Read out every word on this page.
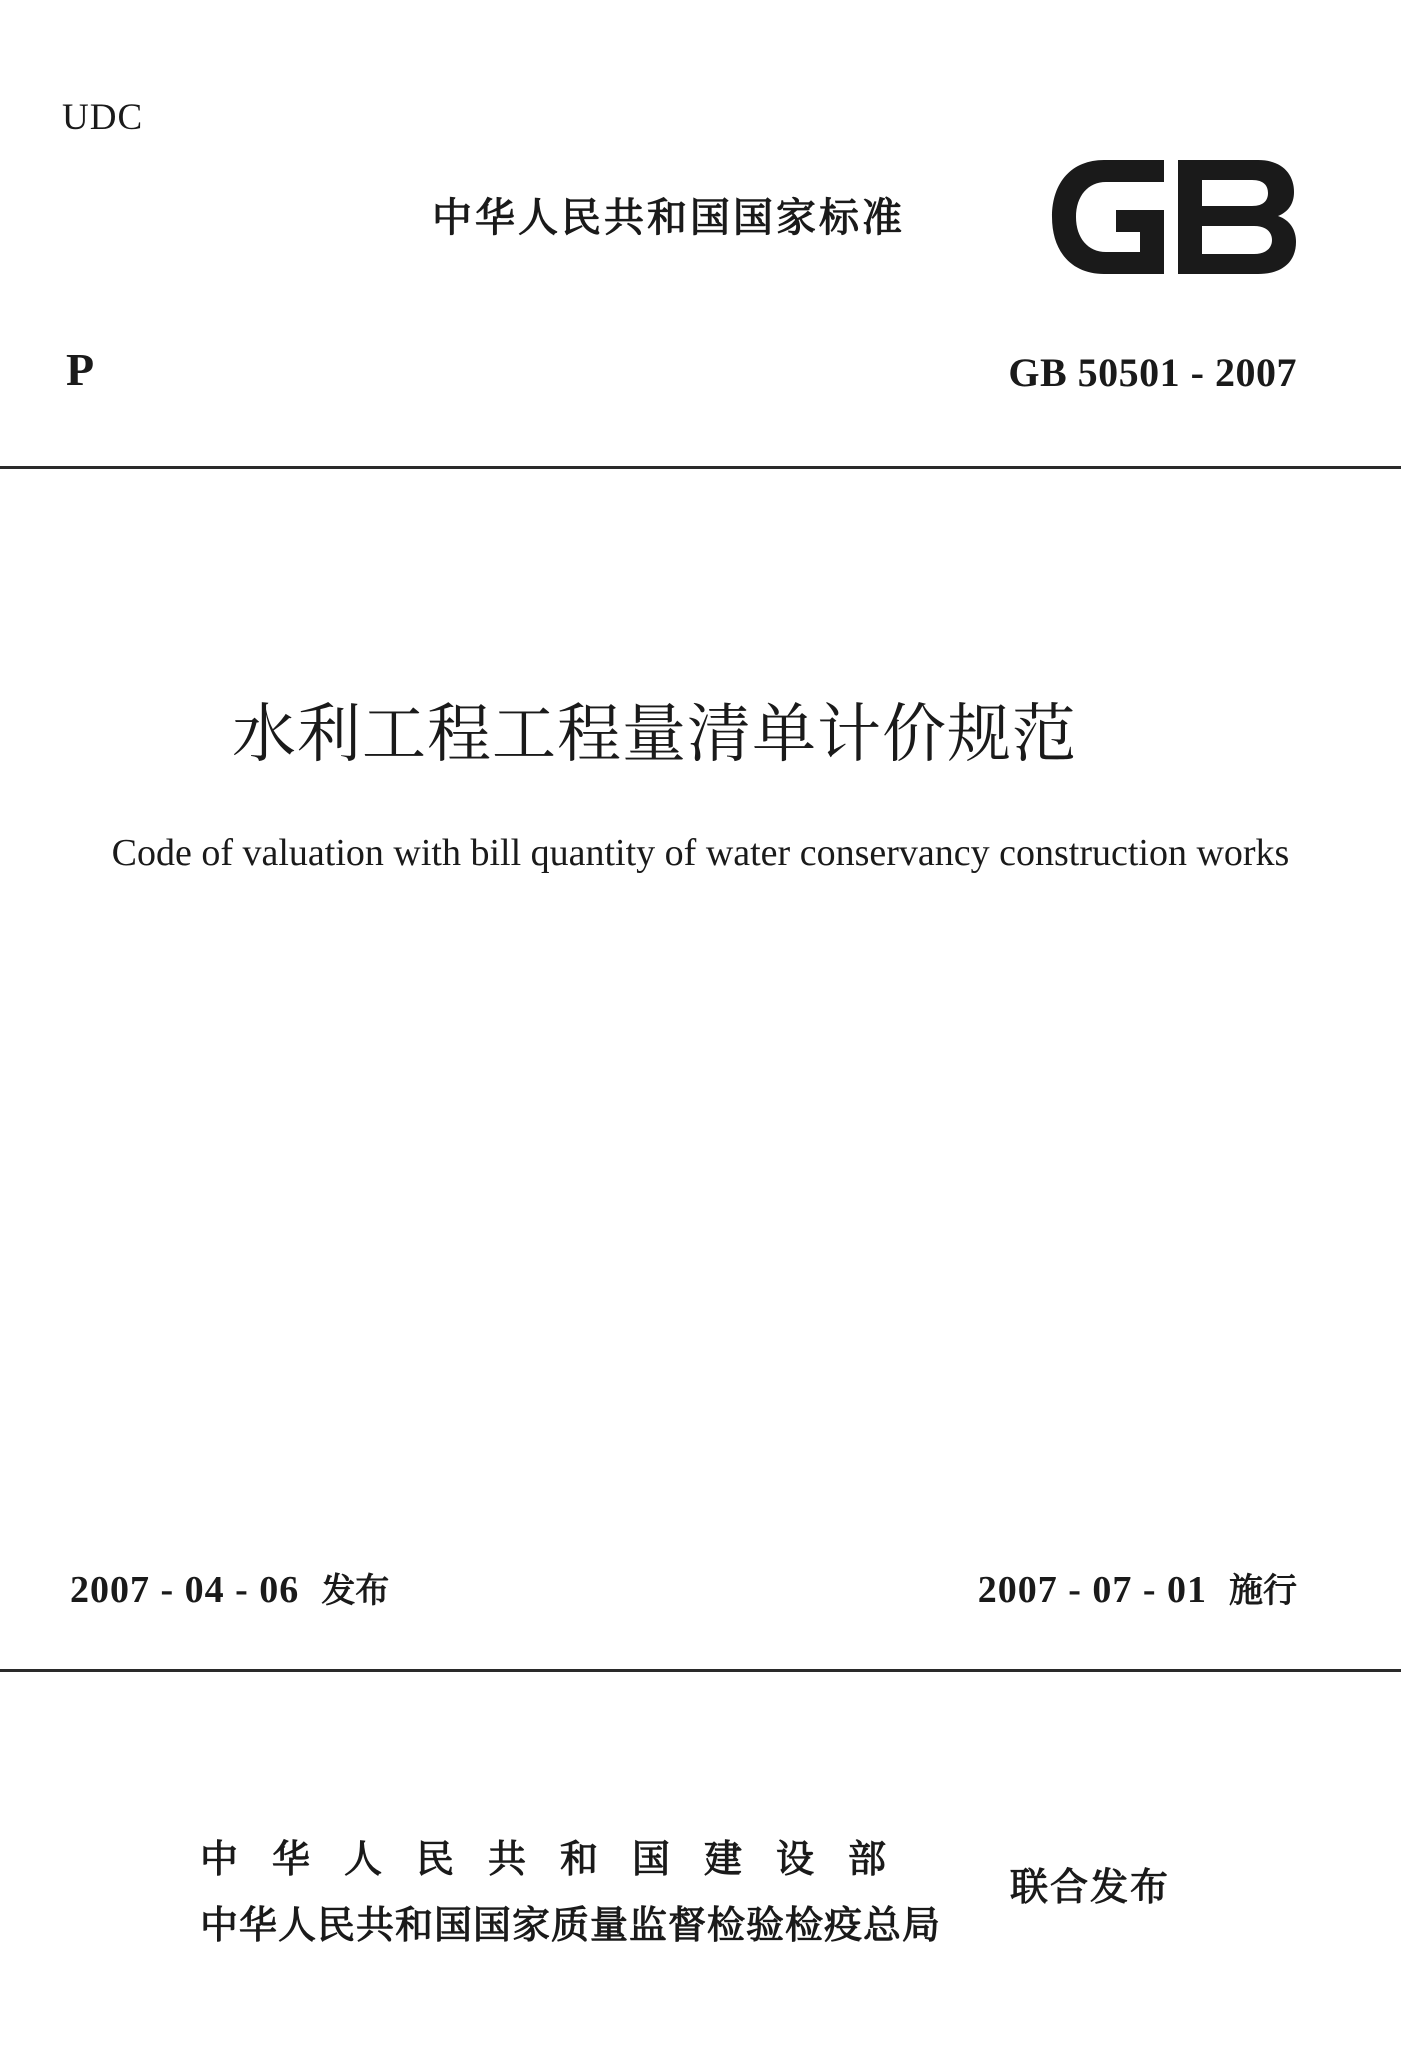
UDC
中华人民共和国国家标准
P	GB 50501 - 2007
水利工程工程量清单计价规范
Code of valuation with bill quantity of water conservancy construction works
2007 - 04 - 06 发布	2007 - 07 - 01 施行
中华人民共和国建设部
中华人民共和国国家质量监督检验检疫总局
联合发布
